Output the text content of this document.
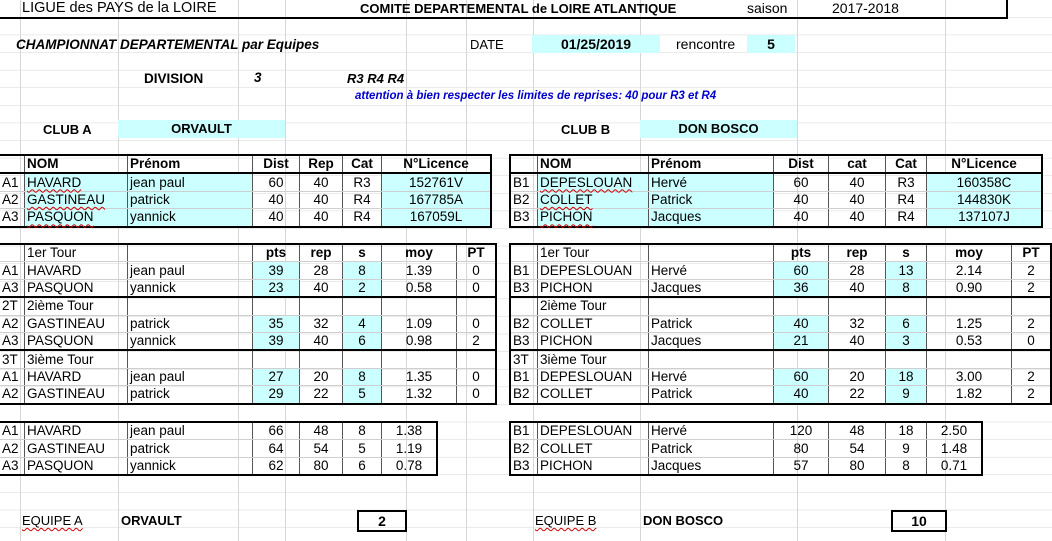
LIGUE des PAYS de la LOIRE	COMITE DEPARTEMENTAL de LOIRE ATLANTIQUE	saison	2017-2018
CHAMPIONNAT DEPARTEMENTAL par Equipes	DATE	01/25/2019	rencontre	5
DIVISION	3	R3 R4 R4
attention à bien respecter les limites de reprises: 40 pour R3 et R4
CLUB A	ORVAULT	CLUB B	DON BOSCO
	NOM	Prénom	Dist	Rep	Cat	N°Licence
A1	HAVARD	jean paul	60	40	R3	152761V
A2	GASTINEAU	patrick	40	40	R4	167785A
A3	PASQUON	yannick	40	40	R4	167059L
	NOM	Prénom	Dist	cat	Cat	N°Licence
B1	DEPESLOUAN	Hervé	60	40	R3	160358C
B2	COLLET	Patrick	40	40	R4	144830K
B3	PICHON	Jacques	40	40	R4	137107J
	1er Tour		pts	rep	s	moy	PT
A1	HAVARD	jean paul	39	28	8	1.39	0
A3	PASQUON	yannick	23	40	2	0.58	0
2T	2ième Tour						
A2	GASTINEAU	patrick	35	32	4	1.09	0
A3	PASQUON	yannick	39	40	6	0.98	2
3T	3ième Tour						
A1	HAVARD	jean paul	27	20	8	1.35	0
A2	GASTINEAU	patrick	29	22	5	1.32	0
	1er Tour		pts	rep	s	moy	PT
B1	DEPESLOUAN	Hervé	60	28	13	2.14	2
B3	PICHON	Jacques	36	40	8	0.90	2
	2ième Tour						
B2	COLLET	Patrick	40	32	6	1.25	2
B3	PICHON	Jacques	21	40	3	0.53	0
3T	3ième Tour						
B1	DEPESLOUAN	Hervé	60	20	18	3.00	2
B2	COLLET	Patrick	40	22	9	1.82	2
A1	HAVARD	jean paul	66	48	8	1.38
A2	GASTINEAU	patrick	64	54	5	1.19
A3	PASQUON	yannick	62	80	6	0.78
B1	DEPESLOUAN	Hervé	120	48	18	2.50
B2	COLLET	Patrick	80	54	9	1.48
B3	PICHON	Jacques	57	80	8	0.71
EQUIPE A	ORVAULT	2	EQUIPE B	DON BOSCO	10
